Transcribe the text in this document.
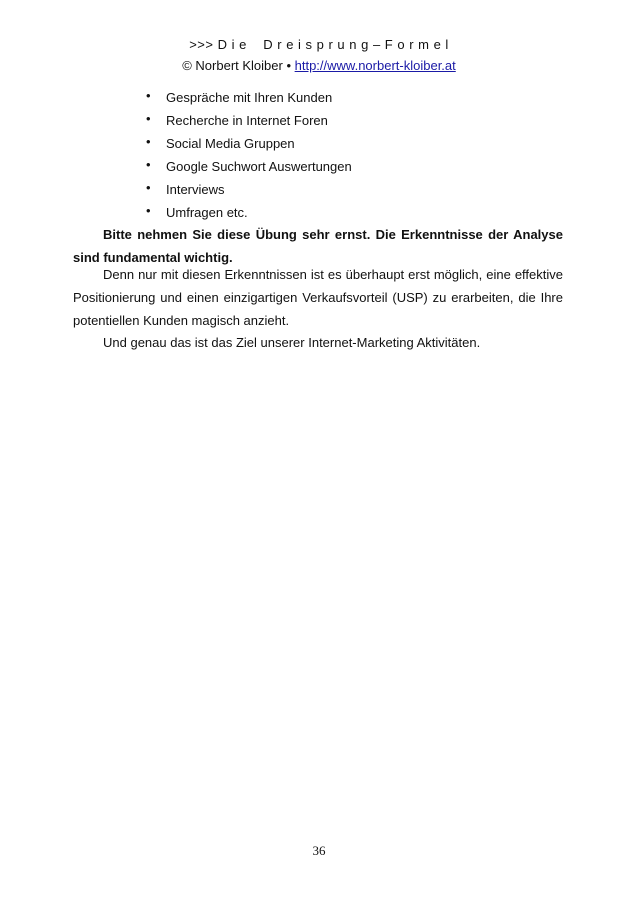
>>> D i e    D r e i s p r u n g – F o r m e l
© Norbert Kloiber • http://www.norbert-kloiber.at
• Gespräche mit Ihren Kunden
• Recherche in Internet Foren
• Social Media Gruppen
• Google Suchwort Auswertungen
• Interviews
• Umfragen etc.

Bitte nehmen Sie diese Übung sehr ernst. Die Erkenntnisse der Analyse sind fundamental wichtig.

Denn nur mit diesen Erkenntnissen ist es überhaupt erst möglich, eine effektive Positionierung und einen einzigartigen Verkaufsvorteil (USP) zu erarbeiten, die Ihre potentiellen Kunden magisch anzieht.

Und genau das ist das Ziel unserer Internet-Marketing Aktivitäten.

36
